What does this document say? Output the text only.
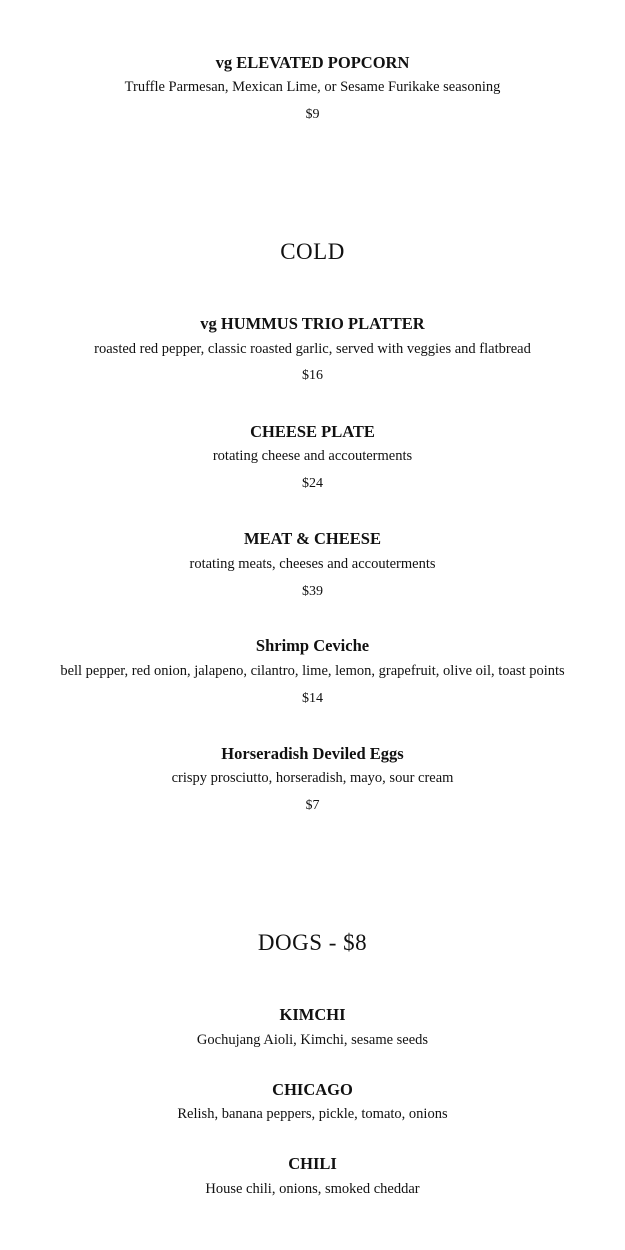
vg ELEVATED POPCORN
Truffle Parmesan, Mexican Lime, or Sesame Furikake seasoning
$9
COLD
vg HUMMUS TRIO PLATTER
roasted red pepper, classic roasted garlic, served with veggies and flatbread
$16
CHEESE PLATE
rotating cheese and accouterments
$24
MEAT & CHEESE
rotating meats, cheeses and accouterments
$39
Shrimp Ceviche
bell pepper, red onion, jalapeno, cilantro, lime, lemon, grapefruit, olive oil, toast points
$14
Horseradish Deviled Eggs
crispy prosciutto, horseradish, mayo, sour cream
$7
DOGS - $8
KIMCHI
Gochujang Aioli, Kimchi, sesame seeds
CHICAGO
Relish, banana peppers, pickle, tomato, onions
CHILI
House chili, onions, smoked cheddar
